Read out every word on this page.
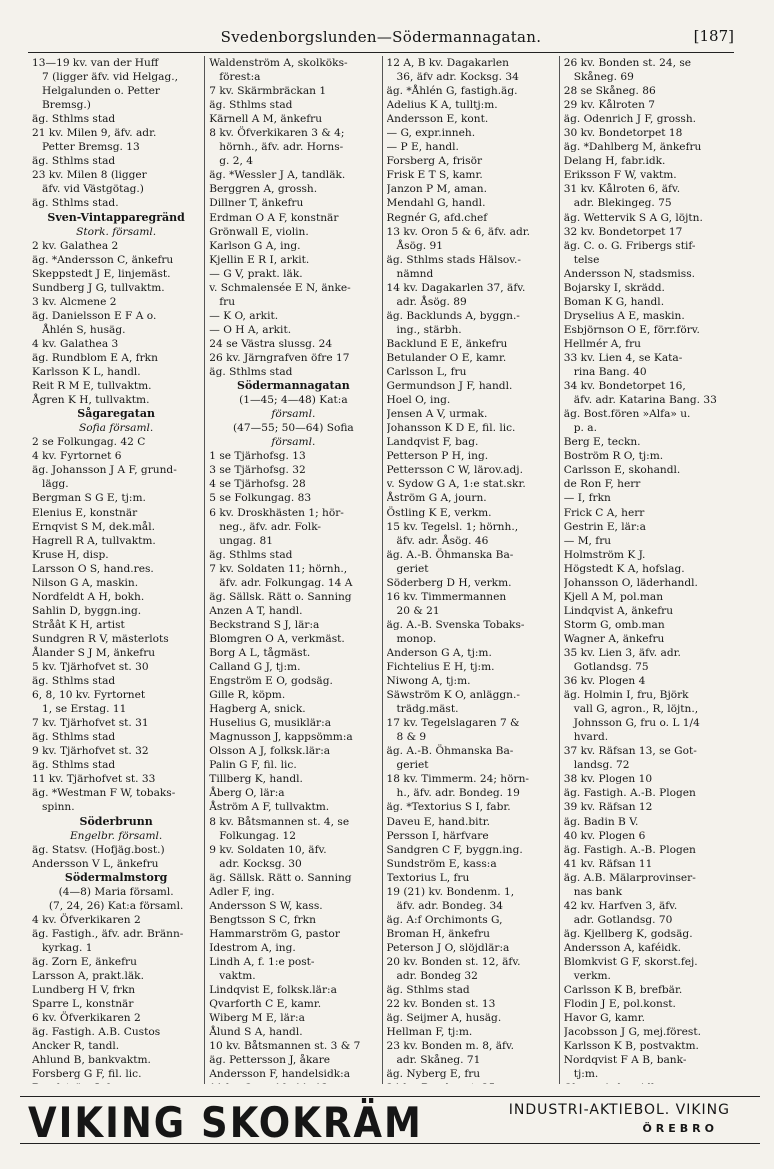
Svedenborgslunden—Södermannagatan.	[187]
13—19 kv. van der Huff
7 (ligger äfv. vid Helgag.,
Helgalunden o. Petter
Bremsg.)
äg. Sthlms stad
21 kv. Milen 9, äfv. adr.
Petter Bremsg. 13
äg. Sthlms stad
23 kv. Milen 8 (ligger
äfv. vid Västgötag.)
äg. Sthlms stad.
Sven-Vintapparegränd
Stork. församl.
2 kv. Galathea 2
äg. *Andersson C, änkefru
Skeppstedt J E, linjemäst.
Sundberg J G, tullvaktm.
3 kv. Alcmene 2
äg. Danielsson E F A o.
Åhlén S, husäg.
4 kv. Galathea 3
äg. Rundblom E A, frkn
Karlsson K L, handl.
Reit R M E, tullvaktm.
Ågren K H, tullvaktm.
Sågaregatan
Sofia församl.
2 se Folkungag. 42 C
4 kv. Fyrtornet 6
äg. Johansson J A F, grund-
lägg.
Bergman S G E, tj:m.
Elenius E, konstnär
Ernqvist S M, dek.mål.
Hagrell R A, tullvaktm.
Kruse H, disp.
Larsson O S, hand.res.
Nilson G A, maskin.
Nordfeldt A H, bokh.
Sahlin D, byggn.ing.
Stråât K H, artist
Sundgren R V, mästerlots
Ålander S J M, änkefru
5 kv. Tjärhofvet st. 30
äg. Sthlms stad
6, 8, 10 kv. Fyrtornet
1, se Erstag. 11
7 kv. Tjärhofvet st. 31
äg. Sthlms stad
9 kv. Tjärhofvet st. 32
äg. Sthlms stad
11 kv. Tjärhofvet st. 33
äg. *Westman F W, tobaks-
spinn.
Söderbrunn
Engelbr. församl.
äg. Statsv. (Hofjäg.bost.)
Andersson V L, änkefru
Södermalmstorg
(4—8) Maria församl.
(7, 24, 26) Kat:a församl.
4 kv. Öfverkikaren 2
äg. Fastigh., äfv. adr. Bränn-
kyrkag. 1
äg. Zorn E, änkefru
Larsson A, prakt.läk.
Lundberg H V, frkn
Sparre L, konstnär
6 kv. Öfverkikaren 2
äg. Fastigh. A.B. Custos
Ancker R, tandl.
Ahlund B, bankvaktm.
Forsberg G F, fil. lic.
Waldenström A, skolköks-
förest:a
7 kv. Skärmbräckan 1
äg. Sthlms stad
Kärnell A M, änkefru
8 kv. Öfverkikaren 3 & 4;
hörnh., äfv. adr. Horns-
g. 2, 4
äg. *Wessler J A, tandläk.
Berggren A, grossh.
Dillner T, änkefru
Erdman O A F, konstnär
Grönwall E, violin.
Karlson G A, ing.
Kjellin E R I, arkit.
— G V, prakt. läk.
v. Schmalensée E N, änke-
fru
— K O, arkit.
— O H A, arkit.
24 se Västra slussg. 24
26 kv. Järngrafven öfre 17
äg. Sthlms stad
Södermannagatan
(1—45; 4—48) Kat:a
församl.
(47—55; 50—64) Sofia
församl.
1 se Tjärhofsg. 13
3 se Tjärhofsg. 32
4 se Tjärhofsg. 28
5 se Folkungag. 83
6 kv. Droskhästen 1; hör-
neg., äfv. adr. Folk-
ungag. 81
äg. Sthlms stad
7 kv. Soldaten 11; hörnh.,
äfv. adr. Folkungag. 14 A
äg. Sällsk. Rätt o. Sanning
Anzen A T, handl.
Beckstrand S J, lär:a
Blomgren O A, verkmäst.
Borg A L, tågmäst.
Calland G J, tj:m.
Engström E O, godsäg.
Gille R, köpm.
Hagberg A, snick.
Huselius G, musiklär:a
Magnusson J, kappsömm:a
Olsson A J, folksk.lär:a
Palin G F, fil. lic.
Tillberg K, handl.
Åberg O, lär:a
Åström A F, tullvaktm.
8 kv. Båtsmannen st. 4, se
Folkungag. 12
9 kv. Soldaten 10, äfv.
adr. Kocksg. 30
äg. Sällsk. Rätt o. Sanning
Adler F, ing.
Andersson S W, kass.
Bengtsson S C, frkn
Hammarström G, pastor
Idestrom A, ing.
Lindh A, f. 1:e post-
vaktm.
Lindqvist E, folksk.lär:a
Qvarforth C E, kamr.
Wiberg M E, lär:a
Ålund S A, handl.
10 kv. Båtsmannen st. 3 & 7
äg. Pettersson J, åkare
Andersson F, handelsidk:a
12 A, B kv. Dagakarlen
36, äfv adr. Kocksg. 34
äg. *Åhlén G, fastigh.äg.
Adelius K A, tulltj:m.
Andersson E, kont.
— G, expr.inneh.
— P E, handl.
Forsberg A, frisör
Frisk E T S, kamr.
Janzon P M, aman.
Mendahl G, handl.
Regnér G, afd.chef
13 kv. Oron 5 & 6, äfv. adr.
Åsög. 91
äg. Sthlms stads Hälsov.-
nämnd
14 kv. Dagakarlen 37, äfv.
adr. Åsög. 89
äg. Backlunds A, byggn.-
ing., stärbh.
Backlund E E, änkefru
Betulander O E, kamr.
Carlsson L, fru
Germundson J F, handl.
Hoel O, ing.
Jensen A V, urmak.
Johansson K D E, fil. lic.
Landqvist F, bag.
Petterson P H, ing.
Pettersson C W, lärov.adj.
v. Sydow G A, 1:e stat.skr.
Åström G A, journ.
Östling K E, verkm.
15 kv. Tegelsl. 1; hörnh.,
äfv. adr. Åsög. 46
äg. A.-B. Öhmanska Ba-
geriet
Söderberg D H, verkm.
16 kv. Timmermannen
20 & 21
äg. A.-B. Svenska Tobaks-
monop.
Anderson G A, tj:m.
Fichtelius E H, tj:m.
Niwong A, tj:m.
Säwström K O, anläggn.-
trädg.mäst.
17 kv. Tegelslagaren 7 &
8 & 9
äg. A.-B. Öhmanska Ba-
geriet
18 kv. Timmerm. 24; hörn-
h., äfv. adr. Bondeg. 19
äg. *Textorius S I, fabr.
Daveu E, hand.bitr.
Persson I, härfvare
Sandgren C F, byggn.ing.
Sundström E, kass:a
Textorius L, fru
19 (21) kv. Bondenm. 1,
äfv. adr. Bondeg. 34
äg. A:f Orchimonts G,
Broman H, änkefru
Peterson J O, slöjdlär:a
20 kv. Bonden st. 12, äfv.
adr. Bondeg 32
äg. Sthlms stad
22 kv. Bonden st. 13
äg. Seijmer A, husäg.
Hellman F, tj:m.
23 kv. Bonden m. 8, äfv.
adr. Skåneg. 71
äg. Nyberg E, fru
26 kv. Bonden st. 24, se
Skåneg. 69
28 se Skåneg. 86
29 kv. Kålroten 7
äg. Odenrich J F, grossh.
30 kv. Bondetorpet 18
äg. *Dahlberg M, änkefru
Delang H, fabr.idk.
Eriksson F W, vaktm.
31 kv. Kålroten 6, äfv.
adr. Blekingeg. 75
äg. Wettervik S A G, löjtn.
32 kv. Bondetorpet 17
äg. C. o. G. Fribergs stif-
telse
Andersson N, stadsmiss.
Bojarsky I, skrädd.
Boman K G, handl.
Dryselius A E, maskin.
Esbjörnson O E, förr.förv.
Hellmér A, fru
33 kv. Lien 4, se Kata-
rina Bang. 40
34 kv. Bondetorpet 16,
äfv. adr. Katarina Bang. 33
äg. Bost.fören »Alfa» u.
p. a.
Berg E, teckn.
Boström R O, tj:m.
Carlsson E, skohandl.
de Ron F, herr
— I, frkn
Frick C A, herr
Gestrin E, lär:a
— M, fru
Holmström K J.
Högstedt K A, hofslag.
Johansson O, läderhandl.
Kjell A M, pol.man
Lindqvist A, änkefru
Storm G, omb.man
Wagner A, änkefru
35 kv. Lien 3, äfv. adr.
Gotlandsg. 75
36 kv. Plogen 4
äg. Holmin I, fru, Björk
vall G, agron., R, löjtn.,
Johnsson G, fru o. L 1/4
hvard.
37 kv. Räfsan 13, se Got-
landsg. 72
38 kv. Plogen 10
äg. Fastigh. A.-B. Plogen
39 kv. Räfsan 12
äg. Badin B V.
40 kv. Plogen 6
äg. Fastigh. A.-B. Plogen
41 kv. Räfsan 11
äg. A.B. Mälarprovinser-
nas bank
42 kv. Harfven 3, äfv.
adr. Gotlandsg. 70
äg. Kjellberg K, godsäg.
Andersson A, kaféidk.
Blomkvist G F, skorst.fej.
verkm.
Carlsson K B, brefbär.
Flodin J E, pol.konst.
Havor G, kamr.
Jacobsson J G, mej.förest.
Karlsson K B, postvaktm.
Nordqvist F A B, bank-
tj:m.
VIKING SKOKRÄM	INDUSTRI-AKTIEBOL. VIKING
ÖREBRO
